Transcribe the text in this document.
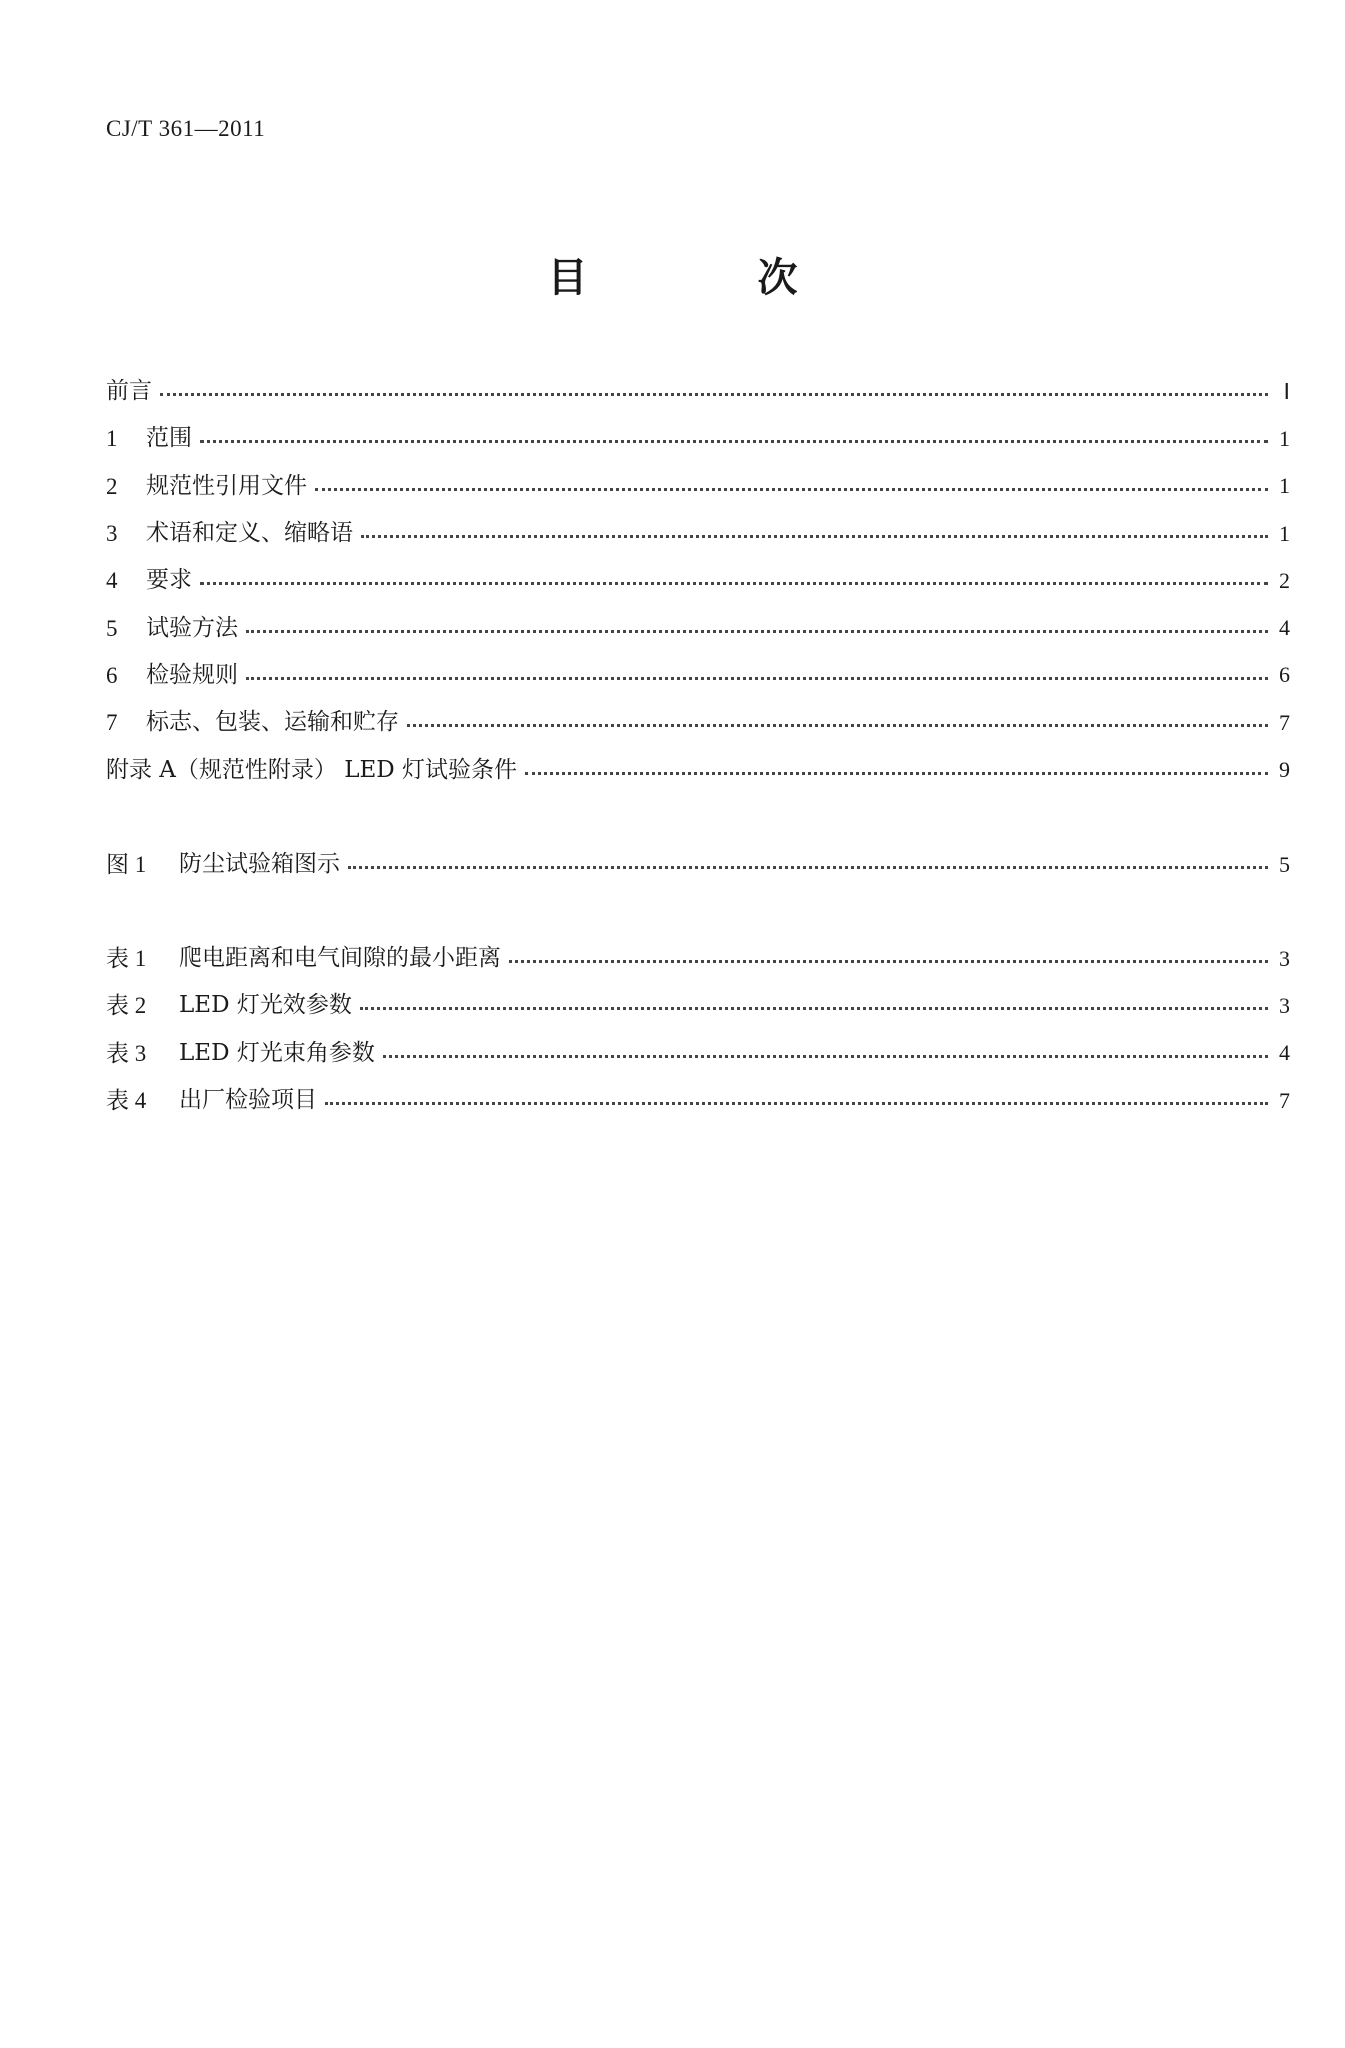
CJ/T 361—2011
目 次
前言	Ⅰ
1	范围	1
2	规范性引用文件	1
3	术语和定义、缩略语	1
4	要求	2
5	试验方法	4
6	检验规则	6
7	标志、包装、运输和贮存	7
附录 A（规范性附录） LED 灯试验条件	9
图 1	防尘试验箱图示	5
表 1	爬电距离和电气间隙的最小距离	3
表 2	LED 灯光效参数	3
表 3	LED 灯光束角参数	4
表 4	出厂检验项目	7
